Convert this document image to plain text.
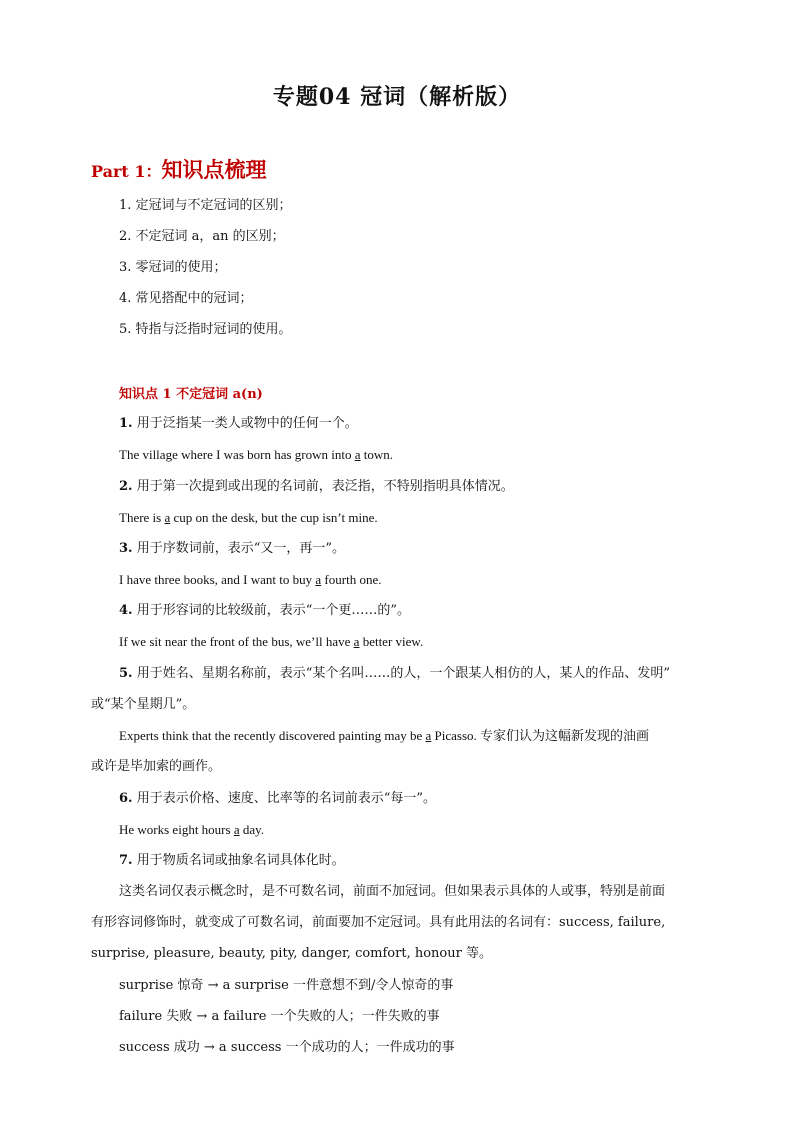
专题04 冠词（解析版）
Part 1：知识点梳理
1. 定冠词与不定冠词的区别；
2. 不定冠词 a，an 的区别；
3. 零冠词的使用；
4. 常见搭配中的冠词；
5. 特指与泛指时冠词的使用。
知识点 1 不定冠词 a(n)
1. 用于泛指某一类人或物中的任何一个。
The village where I was born has grown into a town.
2. 用于第一次提到或出现的名词前，表泛指，不特别指明具体情况。
There is a cup on the desk, but the cup isn’t mine.
3. 用于序数词前，表示“又一，再一”。
I have three books, and I want to buy a fourth one.
4. 用于形容词的比较级前，表示“一个更……的”。
If we sit near the front of the bus, we’ll have a better view.
5. 用于姓名、星期名称前，表示“某个名叫……的人，一个跟某人相仿的人，某人的作品、发明”
或“某个星期几”。
Experts think that the recently discovered painting may be a Picasso. 专家们认为这幅新发现的油画
或许是毕加索的画作。
6. 用于表示价格、速度、比率等的名词前表示“每一”。
He works eight hours a day.
7. 用于物质名词或抽象名词具体化时。
这类名词仅表示概念时，是不可数名词，前面不加冠词。但如果表示具体的人或事，特别是前面
有形容词修饰时，就变成了可数名词，前面要加不定冠词。具有此用法的名词有：success, failure,
surprise, pleasure, beauty, pity, danger, comfort, honour 等。
surprise 惊奇 → a surprise 一件意想不到/令人惊奇的事
failure 失败 → a failure 一个失败的人；一件失败的事
success 成功 → a success 一个成功的人；一件成功的事
